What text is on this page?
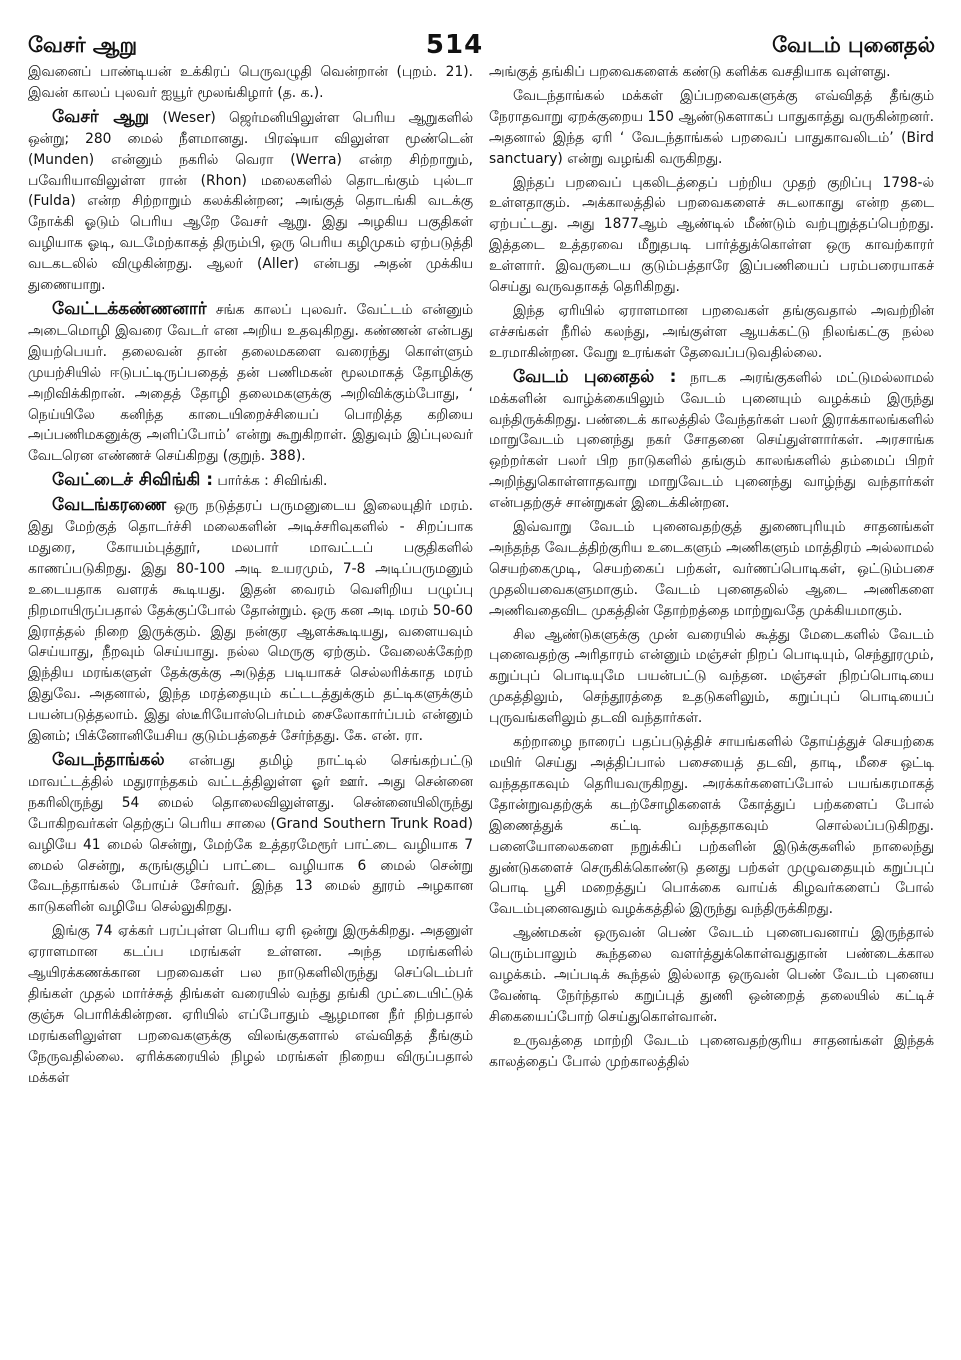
வேசர் ஆறு	514	வேடம் புனைதல்

இவனைப் பாண்டியன் உக்கிரப் பெருவழுதி வென்றான் (புறம். 21). இவன் காலப் புலவர் ஐயூர் மூலங்கிழார் (த. க.).

வேசர் ஆறு (Weser) ஜெர்மனியிலுள்ள பெரிய ஆறுகளில் ஒன்று; 280 மைல் நீளமானது. பிரஷ்யா விலுள்ள மூண்டென் (Munden) என்னும் நகரில் வெரா (Werra) என்ற சிற்றாறும், பவேரியாவிலுள்ள ரான் (Rhon) மலைகளில் தொடங்கும் புல்டா (Fulda) என்ற சிற்றாறும் கலக்கின்றன; அங்குத் தொடங்கி வடக்கு நோக்கி ஓடும் பெரிய ஆறே வேசர் ஆறு. இது அழகிய பகுதிகள் வழியாக ஓடி, வடமேற்காகத் திரும்பி, ஒரு பெரிய கழிமுகம் ஏற்படுத்தி வடகடலில் விழுகின்றது. ஆலர் (Aller) என்பது அதன் முக்கிய துணையாறு.

வேட்டக்கண்ணனார் சங்க காலப் புலவர். வேட்டம் என்னும் அடைமொழி இவரை வேடர் என அறிய உதவுகிறது. கண்ணன் என்பது இயற்பெயர். தலைவன் தான் தலைமகளை வரைந்து கொள்ளும் முயற்சியில் ஈடுபட்டிருப்பதைத் தன் பணிமகன் மூலமாகத் தோழிக்கு அறிவிக்கிறான். அதைத் தோழி தலைமகளுக்கு அறிவிக்கும்போது, ‘ நெய்யிலே கனிந்த காடையிறைச்சியைப் பொறித்த கறியை அப்பணிமகனுக்கு அளிப்போம்’ என்று கூறுகிறாள். இதுவும் இப்புலவர் வேடரென எண்ணச் செய்கிறது (குறுந். 388).

வேட்டைச் சிவிங்கி : பார்க்க : சிவிங்கி.

வேடங்கரணை ஒரு நடுத்தரப் பருமனுடைய இலையுதிர் மரம். இது மேற்குத் தொடர்ச்சி மலைகளின் அடிச்சரிவுகளில் - சிறப்பாக மதுரை, கோயம்புத்தூர், மலபார் மாவட்டப் பகுதிகளில் காணப்படுகிறது. இது 80-100 அடி உயரமும், 7-8 அடிப்பருமனும் உடையதாக வளரக் கூடியது. இதன் வைரம் வெளிறிய பழுப்பு நிறமாயிருப்பதால் தேக்குப்போல் தோன்றும். ஒரு கன அடி மரம் 50-60 இராத்தல் நிறை இருக்கும். இது நன்குர ஆளக்கூடியது, வளையவும் செய்யாது, நீறவும் செய்யாது. நல்ல மெருகு ஏற்கும். வேலைக்கேற்ற இந்திய மரங்களுள் தேக்குக்கு அடுத்த படியாகச் செல்லரிக்காத மரம் இதுவே. அதனால், இந்த மரத்தையும் கட்டடத்துக்கும் தட்டிகளுக்கும் பயன்படுத்தலாம். இது ஸ்டீரியோஸ்பெர்மம் சைலோகார்ப்பம் என்னும் இனம்; பிக்னோனியேசிய குடும்பத்தைச் சேர்ந்தது. கே. என். ரா.

வேடந்தாங்கல் என்பது தமிழ் நாட்டில் செங்கற்பட்டு மாவட்டத்தில் மதுராந்தகம் வட்டத்திலுள்ள ஓர் ஊர். அது சென்னை நகரிலிருந்து 54 மைல் தொலைவிலுள்ளது. சென்னையிலிருந்து போகிறவர்கள் தெற்குப் பெரிய சாலை (Grand Southern Trunk Road) வழியே 41 மைல் சென்று, மேற்கே உத்தரமேரூர் பாட்டை வழியாக 7 மைல் சென்று, கருங்குழிப் பாட்டை வழியாக 6 மைல் சென்று வேடந்தாங்கல் போய்ச் சேர்வர். இந்த 13 மைல் தூரம் அழகான காடுகளின் வழியே செல்லுகிறது.

இங்கு 74 ஏக்கர் பரப்புள்ள பெரிய ஏரி ஒன்று இருக்கிறது. அதனுள் ஏராளமான கடப்ப மரங்கள் உள்ளன. அந்த மரங்களில் ஆயிரக்கணக்கான பறவைகள் பல நாடுகளிலிருந்து செப்டெம்பர் திங்கள் முதல் மார்ச்சுத் திங்கள் வரையில் வந்து தங்கி முட்டையிட்டுக் குஞ்சு பொரிக்கின்றன. ஏரியில் எப்போதும் ஆழமான நீர் நிற்பதால் மரங்களிலுள்ள பறவைகளுக்கு விலங்குகளால் எவ்விதத் தீங்கும் நேருவதில்லை. ஏரிக்கரையில் நிழல் மரங்கள் நிறைய விருப்பதால் மக்கள்

அங்குத் தங்கிப் பறவைகளைக் கண்டு களிக்க வசதியாக வுள்ளது.

வேடந்தாங்கல் மக்கள் இப்பறவைகளுக்கு எவ்விதத் தீங்கும் நேராதவாறு ஏறக்குறைய 150 ஆண்டுகளாகப் பாதுகாத்து வருகின்றனர். அதனால் இந்த ஏரி ‘ வேடந்தாங்கல் பறவைப் பாதுகாவலிடம்’ (Bird sanctuary) என்று வழங்கி வருகிறது.

இந்தப் பறவைப் புகலிடத்தைப் பற்றிய முதற் குறிப்பு 1798-ல் உள்ளதாகும். அக்காலத்தில் பறவைகளைச் சுடலாகாது என்ற தடை ஏற்பட்டது. அது 1877ஆம் ஆண்டில் மீண்டும் வற்புறுத்தப்பெற்றது. இத்தடை உத்தரவை மீறுதபடி பார்த்துக்கொள்ள ஒரு காவற்காரர் உள்ளார். இவருடைய குடும்பத்தாரே இப்பணியைப் பரம்பரையாகச் செய்து வருவதாகத் தெரிகிறது.

இந்த ஏரியில் ஏராளமான பறவைகள் தங்குவதால் அவற்றின் எச்சங்கள் நீரில் கலந்து, அங்குள்ள ஆயக்கட்டு நிலங்கட்கு நல்ல உரமாகின்றன. வேறு உரங்கள் தேவைப்படுவதில்லை.

வேடம் புனைதல் : நாடக அரங்குகளில் மட்டுமல்லாமல் மக்களின் வாழ்க்கையிலும் வேடம் புனையும் வழக்கம் இருந்து வந்திருக்கிறது. பண்டைக் காலத்தில் வேந்தர்கள் பலர் இராக்காலங்களில் மாறுவேடம் புனைந்து நகர் சோதனை செய்துள்ளார்கள். அரசாங்க ஒற்றர்கள் பலர் பிற நாடுகளில் தங்கும் காலங்களில் தம்மைப் பிறர் அறிந்துகொள்ளாதவாறு மாறுவேடம் புனைந்து வாழ்ந்து வந்தார்கள் என்பதற்குச் சான்றுகள் இடைக்கின்றன.

இவ்வாறு வேடம் புனைவதற்குத் துணைபுரியும் சாதனங்கள் அந்தந்த வேடத்திற்குரிய உடைகளும் அணிகளும் மாத்திரம் அல்லாமல் செயற்கைமுடி, செயற்கைப் பற்கள், வர்ணப்பொடிகள், ஒட்டும்பசை முதலியவைகளுமாகும். வேடம் புனைதலில் ஆடை அணிகளை அணிவதைவிட முகத்தின் தோற்றத்தை மாற்றுவதே முக்கியமாகும்.

சில ஆண்டுகளுக்கு முன் வரையில் கூத்து மேடைகளில் வேடம் புனைவதற்கு அரிதாரம் என்னும் மஞ்சள் நிறப் பொடியும், செந்தூரமும், கறுப்புப் பொடியுமே பயன்பட்டு வந்தன. மஞ்சள் நிறப்பொடியை முகத்திலும், செந்தூரத்தை உதடுகளிலும், கறுப்புப் பொடியைப் புருவங்களிலும் தடவி வந்தார்கள்.

கற்றாழை நாரைப் பதப்படுத்திச் சாயங்களில் தோய்த்துச் செயற்கை மயிர் செய்து அத்திப்பால் பசையைத் தடவி, தாடி, மீசை ஒட்டி வந்ததாகவும் தெரியவருகிறது. அரக்கர்களைப்போல் பயங்கரமாகத் தோன்றுவதற்குக் கடற்சோழிகளைக் கோத்துப் பற்களைப் போல் இணைத்துக் கட்டி வந்ததாகவும் சொல்லப்படுகிறது. பனையோலைகளை நறுக்கிப் பற்களின் இடுக்குகளில் நாலைந்து துண்டுகளைச் செருகிக்கொண்டு தனது பற்கள் முழுவதையும் கறுப்புப் பொடி பூசி மறைத்துப் பொக்கை வாய்க் கிழவர்களைப் போல் வேடம்புனைவதும் வழக்கத்தில் இருந்து வந்திருக்கிறது.

ஆண்மகன் ஒருவன் பெண் வேடம் புனைபவனாய் இருந்தால் பெரும்பாலும் கூந்தலை வளர்த்துக்கொள்வதுதான் பண்டைக்கால வழக்கம். அப்படிக் கூந்தல் இல்லாத ஒருவன் பெண் வேடம் புனைய வேண்டி நேர்ந்தால் கறுப்புத் துணி ஒன்றைத் தலையில் கட்டிச் சிகையைப்போற் செய்துகொள்வான்.

உருவத்தை மாற்றி வேடம் புனைவதற்குரிய சாதனங்கள் இந்தக் காலத்தைப் போல் முற்காலத்தில்
